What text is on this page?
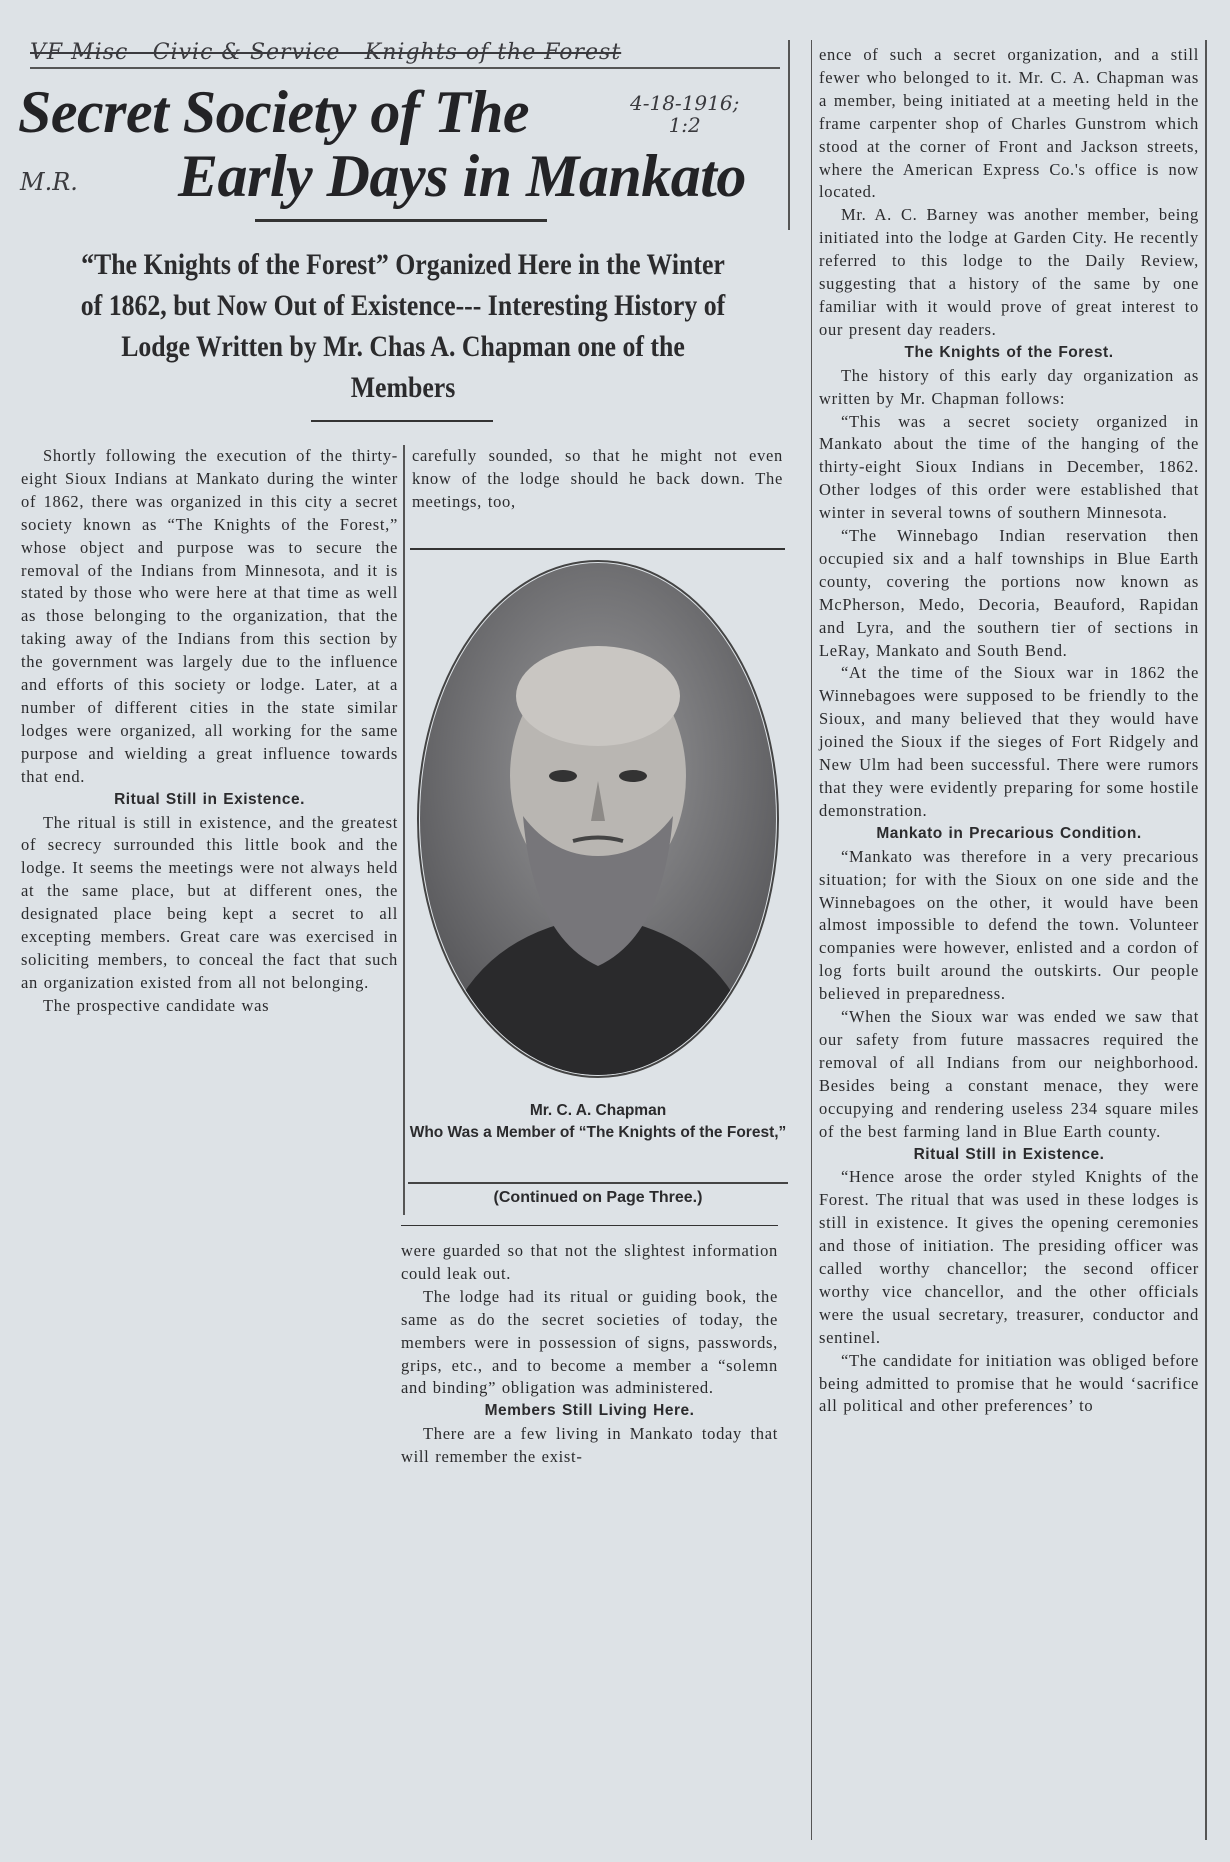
VF Misc - Civic & Service - Knights of the Forest
4-18-1916;
1:2
M.R.
Secret Society of The
Early Days in Mankato
“The Knights of the Forest” Organized Here in the Winter of 1862, but Now Out of Existence--- Interesting History of Lodge Written by Mr. Chas A. Chapman one of the Members

Shortly following the execution of the thirty-eight Sioux Indians at Mankato during the winter of 1862, there was organized in this city a secret society known as “The Knights of the Forest,” whose object and purpose was to secure the removal of the Indians from Minnesota, and it is stated by those who were here at that time as well as those belonging to the organization, that the taking away of the Indians from this section by the government was largely due to the influence and efforts of this society or lodge. Later, at a number of different cities in the state similar lodges were organized, all working for the same purpose and wielding a great influence towards that end.

Ritual Still in Existence.

The ritual is still in existence, and the greatest of secrecy surrounded this little book and the lodge. It seems the meetings were not always held at the same place, but at different ones, the designated place being kept a secret to all excepting members. Great care was exercised in soliciting members, to conceal the fact that such an organization existed from all not belonging.

The prospective candidate was

carefully sounded, so that he might not even know of the lodge should he back down. The meetings, too,

Mr. C. A. Chapman
Who Was a Member of “The Knights of the Forest,”
(Continued on Page Three.)

were guarded so that not the slightest information could leak out.

The lodge had its ritual or guiding book, the same as do the secret societies of today, the members were in possession of signs, passwords, grips, etc., and to become a member a “solemn and binding” obligation was administered.

Members Still Living Here.

There are a few living in Mankato today that will remember the exist-

ence of such a secret organization, and a still fewer who belonged to it. Mr. C. A. Chapman was a member, being initiated at a meeting held in the frame carpenter shop of Charles Gunstrom which stood at the corner of Front and Jackson streets, where the American Express Co.'s office is now located.

Mr. A. C. Barney was another member, being initiated into the lodge at Garden City. He recently referred to this lodge to the Daily Review, suggesting that a history of the same by one familiar with it would prove of great interest to our present day readers.

The Knights of the Forest.

The history of this early day organization as written by Mr. Chapman follows:

“This was a secret society organized in Mankato about the time of the hanging of the thirty-eight Sioux Indians in December, 1862. Other lodges of this order were established that winter in several towns of southern Minnesota.

“The Winnebago Indian reservation then occupied six and a half townships in Blue Earth county, covering the portions now known as McPherson, Medo, Decoria, Beauford, Rapidan and Lyra, and the southern tier of sections in LeRay, Mankato and South Bend.

“At the time of the Sioux war in 1862 the Winnebagoes were supposed to be friendly to the Sioux, and many believed that they would have joined the Sioux if the sieges of Fort Ridgely and New Ulm had been successful. There were rumors that they were evidently preparing for some hostile demonstration.

Mankato in Precarious Condition.

“Mankato was therefore in a very precarious situation; for with the Sioux on one side and the Winnebagoes on the other, it would have been almost impossible to defend the town. Volunteer companies were however, enlisted and a cordon of log forts built around the outskirts. Our people believed in preparedness.

“When the Sioux war was ended we saw that our safety from future massacres required the removal of all Indians from our neighborhood. Besides being a constant menace, they were occupying and rendering useless 234 square miles of the best farming land in Blue Earth county.

Ritual Still in Existence.

“Hence arose the order styled Knights of the Forest. The ritual that was used in these lodges is still in existence. It gives the opening ceremonies and those of initiation. The presiding officer was called worthy chancellor; the second officer worthy vice chancellor, and the other officials were the usual secretary, treasurer, conductor and sentinel.

“The candidate for initiation was obliged before being admitted to promise that he would ‘sacrifice all political and other preferences’ to
